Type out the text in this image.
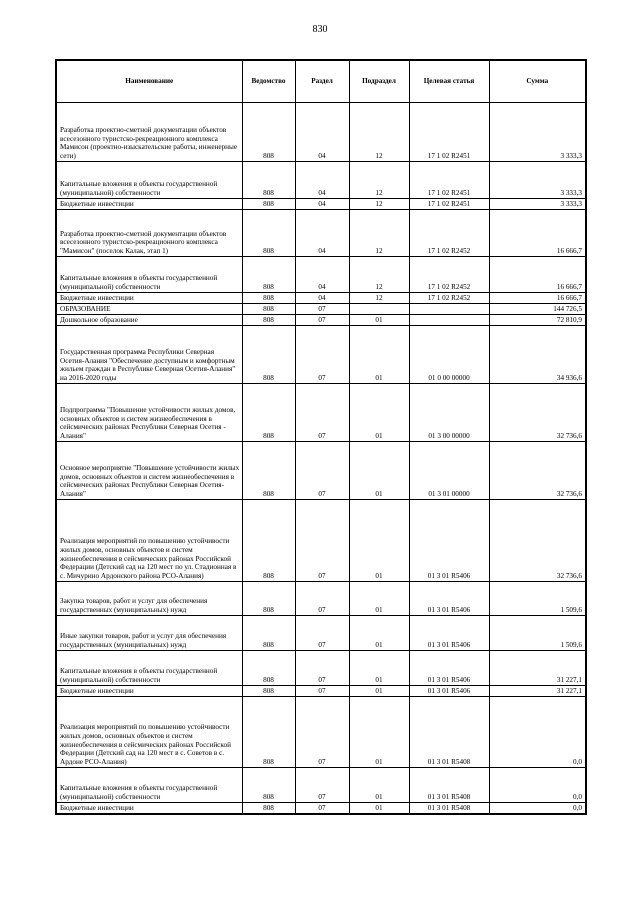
830
Наименование	Ведомство	Раздел	Подраздел	Целевая статья	Сумма
Разработка проектно-сметной документации объектов всесезонного туристско-рекреационного комплекса Мамисон (проектно-изыскательские работы, инженерные сети)	808	04	12	17 1 02 R2451	3 333,3
Капитальные вложения в объекты государственной (муниципальной) собственности	808	04	12	17 1 02 R2451	3 333,3
Бюджетные инвестиции	808	04	12	17 1 02 R2451	3 333,3
Разработка проектно-сметной документации объектов всесезонного туристско-рекреационного комплекса "Мамисон" (поселок Калак, этап 1)	808	04	12	17 1 02 R2452	16 666,7
Капитальные вложения в объекты государственной (муниципальной) собственности	808	04	12	17 1 02 R2452	16 666,7
Бюджетные инвестиции	808	04	12	17 1 02 R2452	16 666,7
ОБРАЗОВАНИЕ	808	07			144 726,5
Дошкольное образование	808	07	01		72 810,9
Государственная программа Республики Северная Осетия-Алания "Обеспечение доступным и комфортным жильем граждан в Республике Северная Осетия-Алания" на 2016-2020 годы	808	07	01	01 0 00 00000	34 936,6
Подпрограмма "Повышение устойчивости жилых домов, основных объектов и систем жизнеобеспечения в сейсмических районах Республики Северная Осетия - Алания"	808	07	01	01 3 00 00000	32 736,6
Основное мероприятие "Повышение устойчивости жилых домов, основных объектов и систем жизнеобеспечения в сейсмических районах Республики Северная Осетия-Алания"	808	07	01	01 3 01 00000	32 736,6
Реализация мероприятий по повышению устойчивости жилых домов, основных объектов и систем жизнеобеспечения в сейсмических районах Российской Федерации (Детский сад на 120 мест по ул. Стадионная в с. Мичурино Ардонского района РСО-Алания)	808	07	01	01 3 01 R5406	32 736,6
Закупка товаров, работ и услуг для обеспечения государственных (муниципальных) нужд	808	07	01	01 3 01 R5406	1 509,6
Иные закупки товаров, работ и услуг для обеспечения государственных (муниципальных) нужд	808	07	01	01 3 01 R5406	1 509,6
Капитальные вложения в объекты государственной (муниципальной) собственности	808	07	01	01 3 01 R5406	31 227,1
Бюджетные инвестиции	808	07	01	01 3 01 R5406	31 227,1
Реализация мероприятий по повышению устойчивости жилых домов, основных объектов и систем жизнеобеспечения в сейсмических районах Российской Федерации (Детский сад на 120 мест в с. Советов в с. Ардоне РСО-Алания)	808	07	01	01 3 01 R5408	0,0
Капитальные вложения в объекты государственной (муниципальной) собственности	808	07	01	01 3 01 R5408	0,0
Бюджетные инвестиции	808	07	01	01 3 01 R5408	0,0
